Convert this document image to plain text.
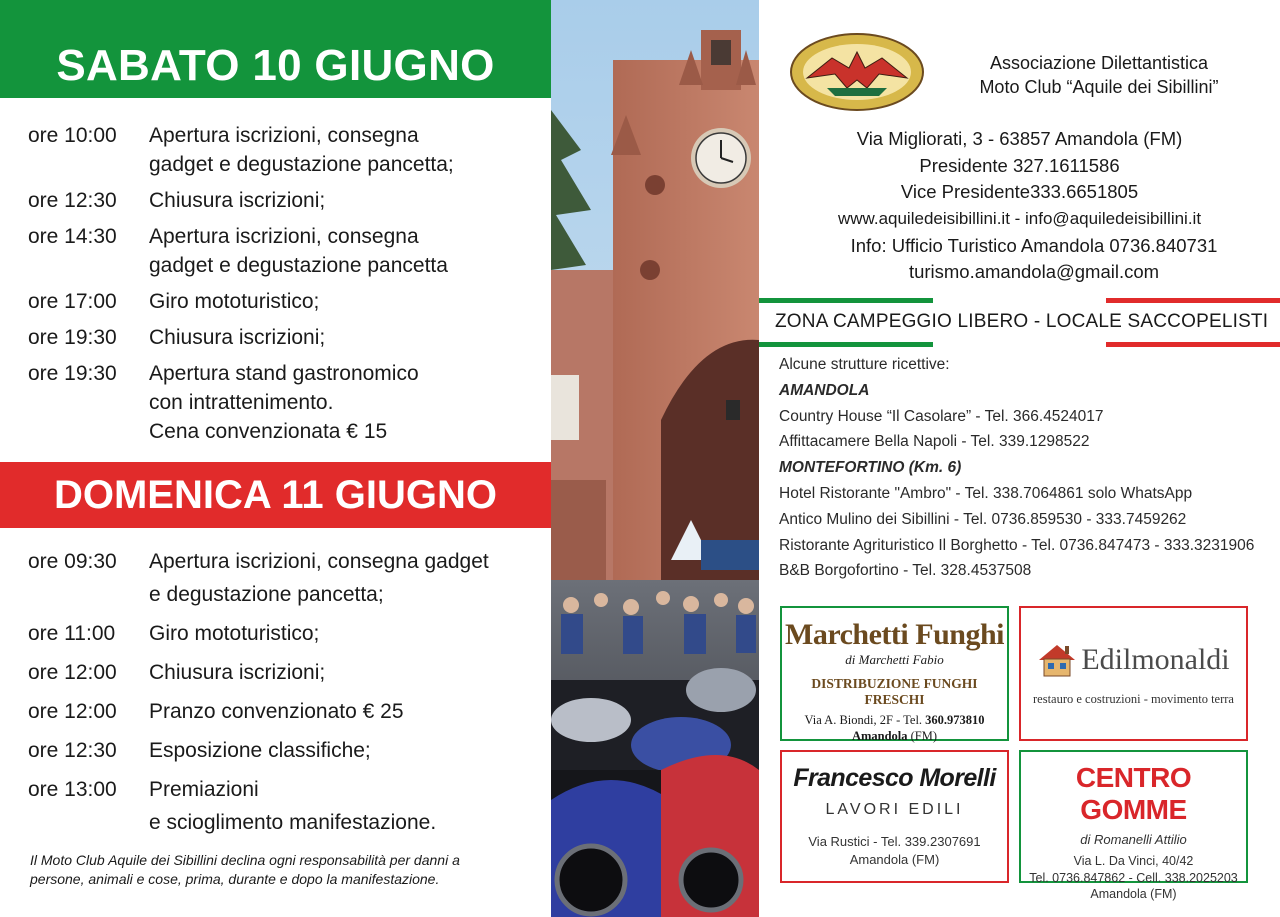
SABATO 10 GIUGNO
ore 10:00	Apertura iscrizioni, consegna
gadget e degustazione pancetta;
ore 12:30	Chiusura iscrizioni;
ore 14:30	Apertura iscrizioni, consegna
gadget e degustazione pancetta
ore 17:00	Giro mototuristico;
ore 19:30	Chiusura iscrizioni;
ore 19:30	Apertura stand gastronomico
con intrattenimento.
Cena convenzionata € 15
DOMENICA 11 GIUGNO
ore 09:30	Apertura iscrizioni, consegna gadget
e degustazione pancetta;
ore 11:00	Giro mototuristico;
ore 12:00	Chiusura iscrizioni;
ore 12:00	Pranzo convenzionato € 25
ore 12:30	Esposizione classifiche;
ore 13:00	Premiazioni
e scioglimento manifestazione.
Il Moto Club Aquile dei Sibillini declina ogni responsabilità per danni a
persone, animali e cose, prima, durante e dopo la manifestazione.
Associazione Dilettantistica
Moto Club “Aquile dei Sibillini”
Via Migliorati, 3 - 63857 Amandola (FM)
Presidente 327.1611586
Vice Presidente333.6651805
www.aquiledeisibillini.it - info@aquiledeisibillini.it
Info: Ufficio Turistico Amandola 0736.840731
turismo.amandola@gmail.com
ZONA CAMPEGGIO LIBERO - LOCALE SACCOPELISTI
Alcune strutture ricettive:
AMANDOLA
Country House “Il Casolare” - Tel. 366.4524017
Affittacamere Bella Napoli - Tel. 339.1298522
MONTEFORTINO (Km. 6)
Hotel Ristorante "Ambro" - Tel. 338.7064861 solo WhatsApp
Antico Mulino dei Sibillini - Tel. 0736.859530 - 333.7459262
Ristorante Agrituristico Il Borghetto - Tel. 0736.847473 - 333.3231906
B&B Borgofortino - Tel. 328.4537508
Marchetti Funghi
di Marchetti Fabio
DISTRIBUZIONE FUNGHI FRESCHI
Via A. Biondi, 2F - Tel. 360.973810
Amandola (FM)
Edilmonaldi
restauro e costruzioni - movimento terra
Francesco Morelli
LAVORI EDILI
Via Rustici - Tel. 339.2307691
Amandola (FM)
CENTRO GOMME
di Romanelli Attilio
Via L. Da Vinci, 40/42
Tel. 0736.847862 - Cell. 338.2025203
Amandola (FM)
